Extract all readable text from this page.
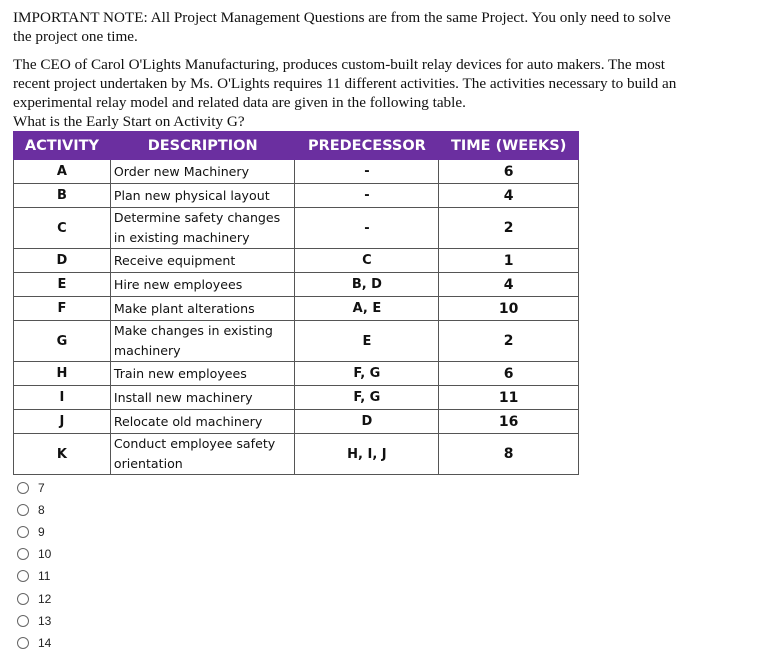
IMPORTANT NOTE: All Project Management Questions are from the same Project. You only need to solve the project one time.

The CEO of Carol O'Lights Manufacturing, produces custom-built relay devices for auto makers. The most recent project undertaken by Ms. O'Lights requires 11 different activities. The activities necessary to build an experimental relay model and related data are given in the following table.

What is the Early Start on Activity G?

ACTIVITY	DESCRIPTION	PREDECESSOR	TIME (WEEKS)
A	Order new Machinery	-	6
B	Plan new physical layout	-	4
C	Determine safety changes in existing machinery	-	2
D	Receive equipment	C	1
E	Hire new employees	B, D	4
F	Make plant alterations	A, E	10
G	Make changes in existing machinery	E	2
H	Train new employees	F, G	6
I	Install new machinery	F, G	11
J	Relocate old machinery	D	16
K	Conduct employee safety orientation	H, I, J	8
7
8
9
10
11
12
13
14
